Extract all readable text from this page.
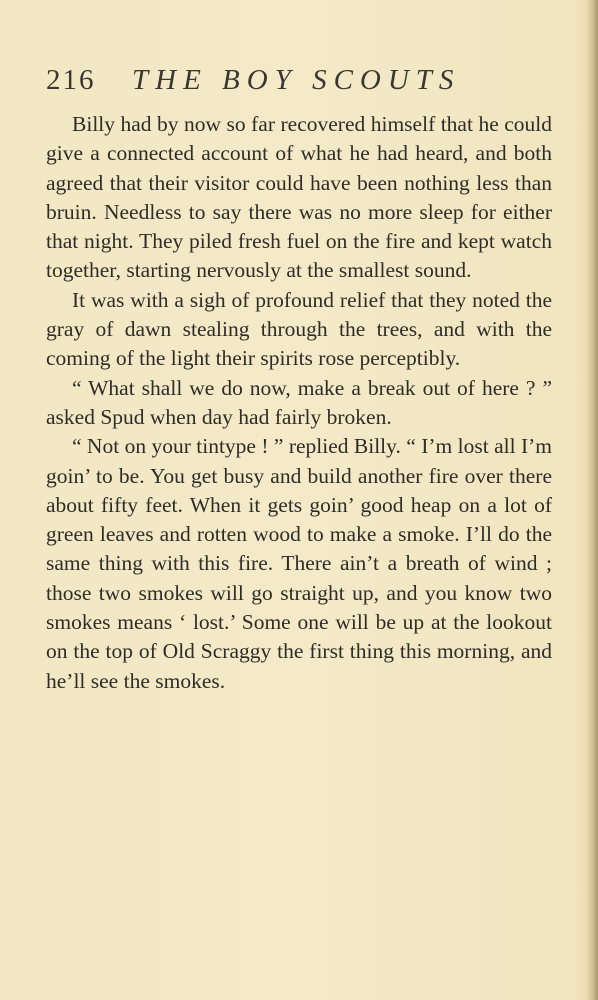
216	THE BOY SCOUTS

Billy had by now so far recovered himself that he could give a connected account of what he had heard, and both agreed that their visitor could have been nothing less than bruin. Needless to say there was no more sleep for either that night. They piled fresh fuel on the fire and kept watch together, starting nervously at the smallest sound.

It was with a sigh of profound relief that they noted the gray of dawn stealing through the trees, and with the coming of the light their spirits rose perceptibly.

“ What shall we do now, make a break out of here ? ” asked Spud when day had fairly broken.

“ Not on your tintype ! ” replied Billy. “ I’m lost all I’m goin’ to be. You get busy and build another fire over there about fifty feet. When it gets goin’ good heap on a lot of green leaves and rotten wood to make a smoke. I’ll do the same thing with this fire. There ain’t a breath of wind ; those two smokes will go straight up, and you know two smokes means ‘ lost.’ Some one will be up at the lookout on the top of Old Scraggy the first thing this morning, and he’ll see the smokes.
